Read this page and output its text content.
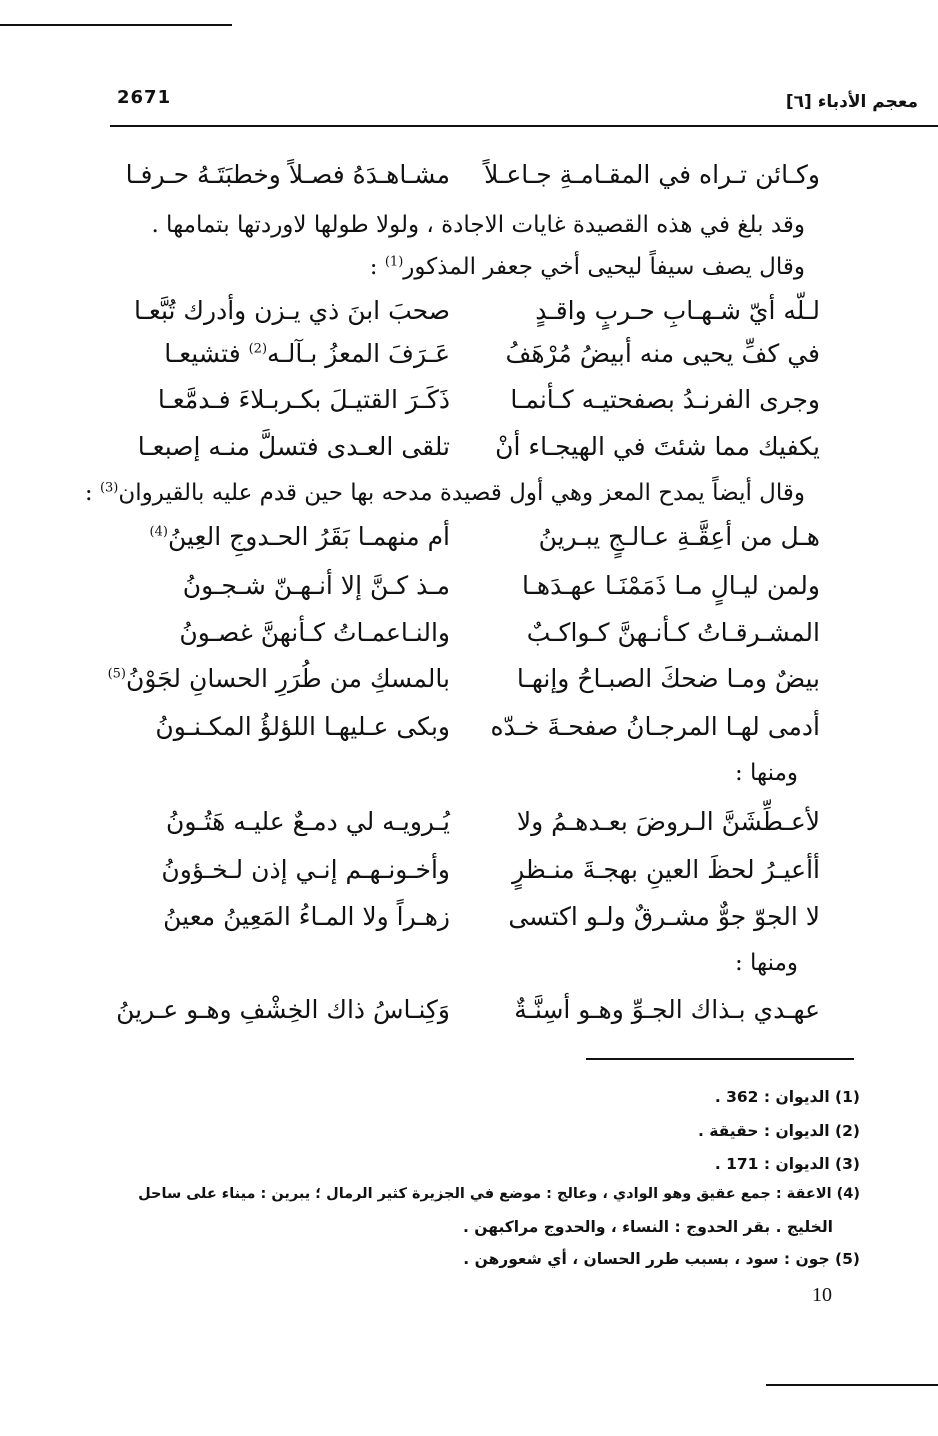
2671	معجم الأدباء [٦]
وكـائن تـراه في المقـامـةِ جـاعـلاً
مشـاهـدَهُ فصـلاً وخطبَتَـهُ حـرفـا
وقد بلغ في هذه القصيدة غايات الاجادة ، ولولا طولها لاوردتها بتمامها .
وقال يصف سيفاً ليحيى أخي جعفر المذكور$^{(1)}$ :
لـلّه أيّ شـهـابِ حـربٍ واقـدٍ
صحبَ ابنَ ذي يـزن وأدرك تُبَّعـا
في كفِّ يحيى منه أبيضُ مُرْهَفُ
عَـرَفَ المعزُ بـآلـه$^{(2)}$ فتشيعـا
وجرى الفرنـدُ بصفحتيـه كـأنمـا
ذَكَـرَ القتيـلَ بكـربـلاءَ فـدمَّعـا
يكفيك مما شئتَ في الهيجـاء أنْ
تلقى العـدى فتسلَّ منـه إصبعـا
وقال أيضاً يمدح المعز وهي أول قصيدة مدحه بها حين قدم عليه بالقيروان$^{(3)}$ :
هـل من أعِقَّـةِ عـالـجٍ يبـرينُ
أم منهمـا بَقَرُ الحـدوجِ العِينُ$^{(4)}$
ولمن ليـالٍ مـا ذَمَمْنَـا عهـدَهـا
مـذ كـنَّ إلا أنـهـنّ شـجـونُ
المشـرقـاتُ كـأنـهنَّ كـواكـبٌ
والنـاعمـاتُ كـأنهنَّ غصـونُ
بيضٌ ومـا ضحكَ الصبـاحُ وإنهـا
بالمسكِ من طُرَرِ الحسانِ لجَوْنُ$^{(5)}$
أدمى لهـا المرجـانُ صفحـةَ خـدّه
وبكى عـليهـا اللؤلؤُ المكـنـونُ
ومنها :
لأعـطِّشَنَّ الـروضَ بعـدهـمُ ولا
يُـرويـه لي دمـعٌ عليـه هَتُـونُ
أأعيـرُ لحظَ العينِ بهجـةَ منـظرٍ
وأخـونـهـم إنـي إذن لـخـؤونُ
لا الجوّ جوٌّ مشـرقٌ ولـو اكتسى
زهـراً ولا المـاءُ المَعِينُ معينُ
ومنها :
عهـدي بـذاك الجـوِّ وهـو أسِنَّـةٌ
وَكِنـاسُ ذاك الخِشْفِ وهـو عـرينُ
(1) الديوان : 362 .
(2) الديوان : حقيقة .
(3) الديوان : 171 .
(4) الاعقة : جمع عقيق وهو الوادي ، وعالج : موضع في الجزيرة كثير الرمال ؛ يبرين : ميناء على ساحل
الخليج . بقر الحدوج : النساء ، والحدوج مراكبهن .
(5) جون : سود ، بسبب طرر الحسان ، أي شعورهن .
10
